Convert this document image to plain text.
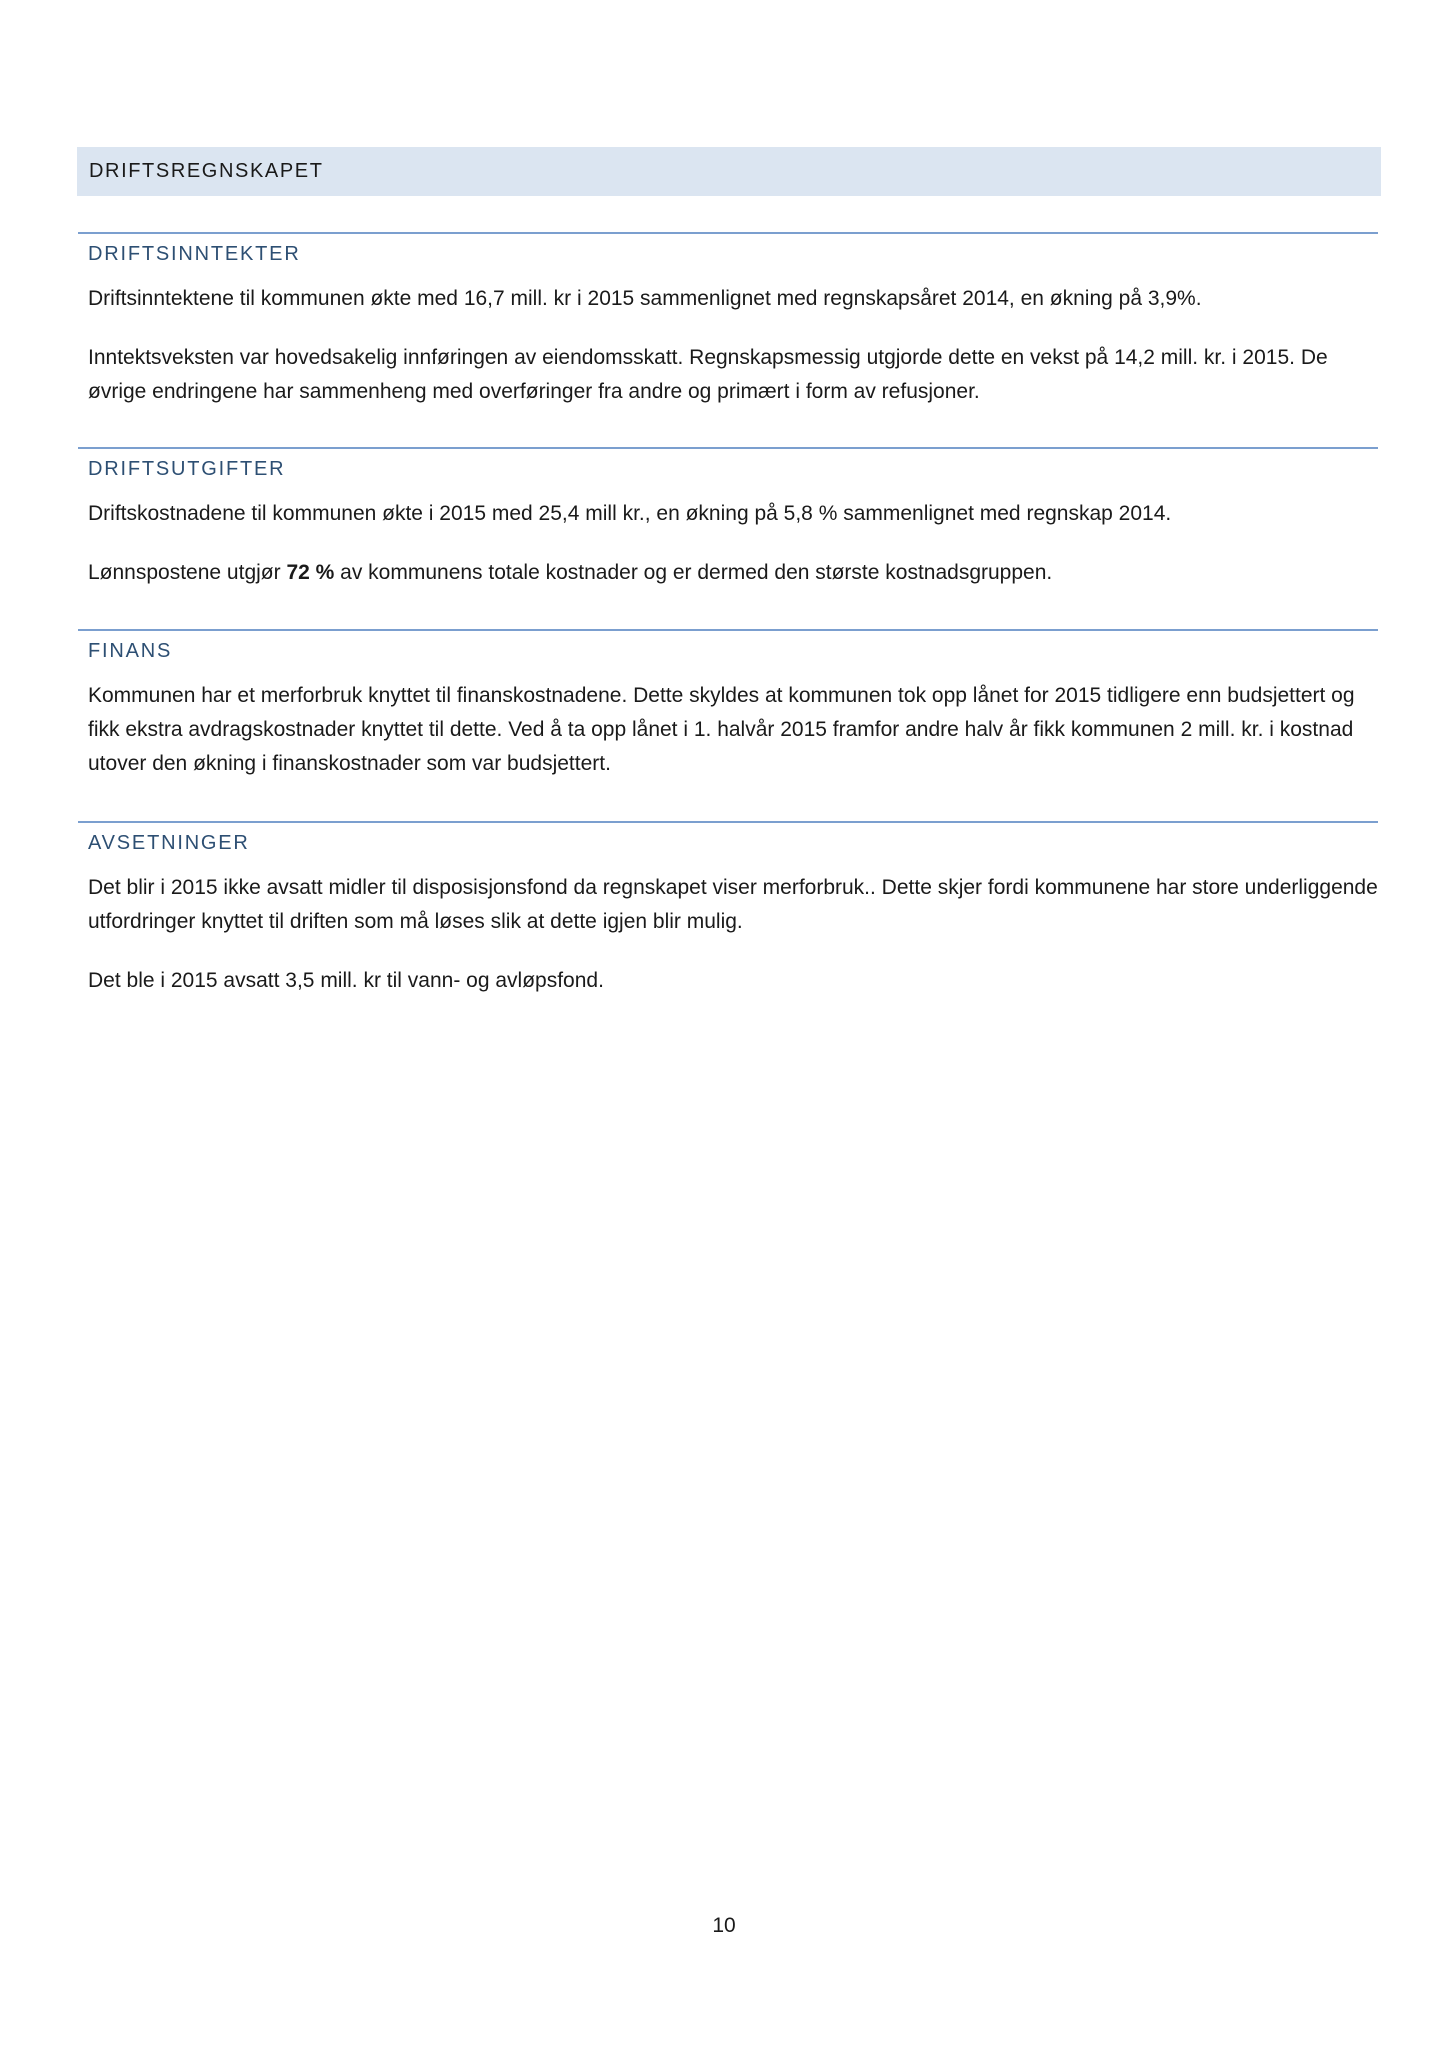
DRIFTSREGNSKAPET
DRIFTSINNTEKTER

Driftsinntektene til kommunen økte med 16,7 mill. kr i 2015 sammenlignet med regnskapsåret 2014, en økning på 3,9%.

Inntektsveksten var hovedsakelig innføringen av eiendomsskatt. Regnskapsmessig utgjorde dette en vekst på 14,2 mill. kr. i 2015. De øvrige endringene har sammenheng med overføringer fra andre og primært i form av refusjoner.

DRIFTSUTGIFTER

Driftskostnadene til kommunen økte i 2015 med 25,4 mill kr., en økning på 5,8 % sammenlignet med regnskap 2014.

Lønnspostene utgjør 72 % av kommunens totale kostnader og er dermed den største kostnadsgruppen.

FINANS

Kommunen har et merforbruk knyttet til finanskostnadene. Dette skyldes at kommunen tok opp lånet for 2015 tidligere enn budsjettert og fikk ekstra avdragskostnader knyttet til dette. Ved å ta opp lånet i 1. halvår 2015 framfor andre halv år fikk kommunen 2 mill. kr. i kostnad utover den økning i finanskostnader som var budsjettert.

AVSETNINGER

Det blir i 2015 ikke avsatt midler til disposisjonsfond da regnskapet viser merforbruk.. Dette skjer fordi kommunene har store underliggende utfordringer knyttet til driften som må løses slik at dette igjen blir mulig.

Det ble i 2015 avsatt 3,5 mill. kr til vann- og avløpsfond.

10
